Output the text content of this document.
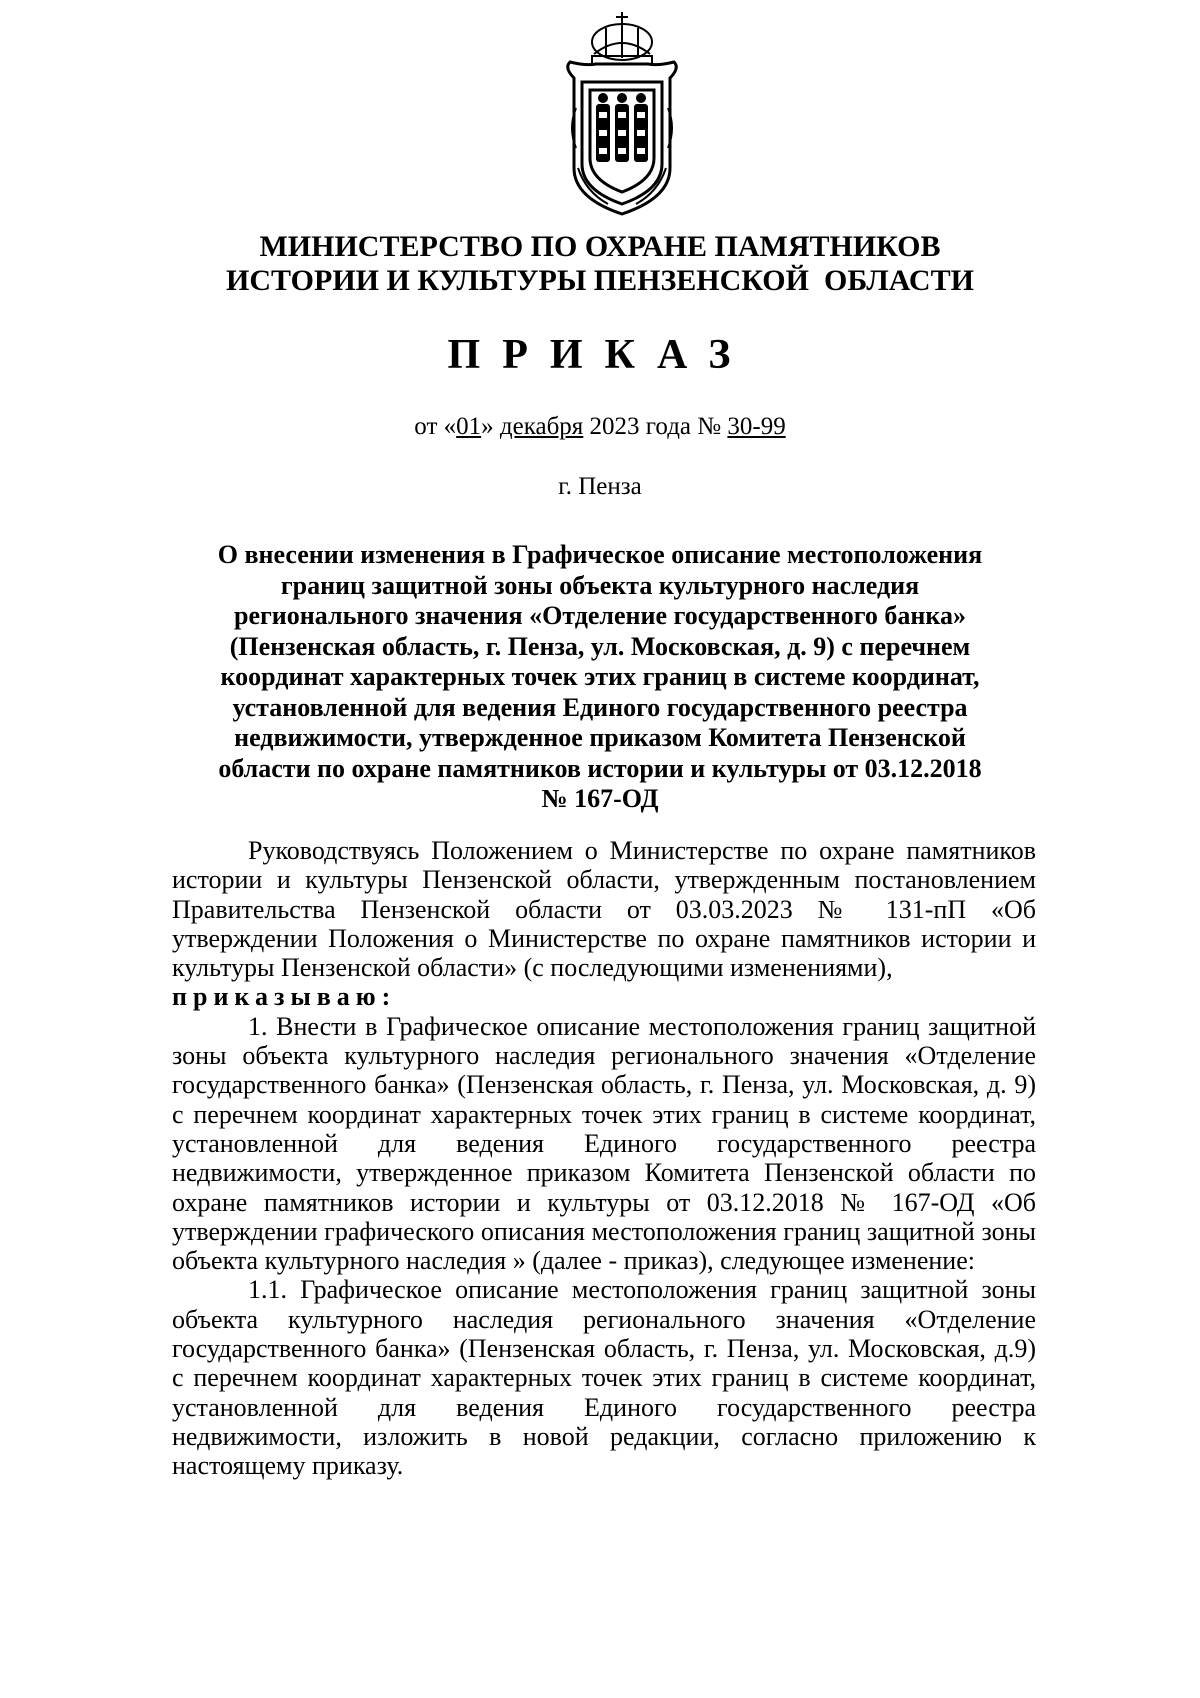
МИНИСТЕРСТВО ПО ОХРАНЕ ПАМЯТНИКОВ
ИСТОРИИ И КУЛЬТУРЫ ПЕНЗЕНСКОЙ  ОБЛАСТИ
ПРИКАЗ
от «01» декабря 2023 года № 30-99
г. Пенза
О внесении изменения в Графическое описание местоположения границ защитной зоны объекта культурного наследия регионального значения «Отделение государственного банка» (Пензенская область, г. Пенза, ул. Московская, д. 9) с перечнем координат характерных точек этих границ в системе координат, установленной для ведения Единого государственного реестра недвижимости, утвержденное приказом Комитета Пензенской области по охране памятников истории и культуры от 03.12.2018 № 167-ОД

Руководствуясь Положением о Министерстве по охране памятников истории и культуры Пензенской области, утвержденным постановлением Правительства Пензенской области от 03.03.2023 № 131-пП «Об утверждении Положения о Министерстве по охране памятников истории и культуры Пензенской области» (с последующими изменениями),

приказываю:

1. Внести в Графическое описание местоположения границ защитной зоны объекта культурного наследия регионального значения «Отделение государственного банка» (Пензенская область, г. Пенза, ул. Московская, д. 9) с перечнем координат характерных точек этих границ в системе координат, установленной для ведения Единого государственного реестра недвижимости, утвержденное приказом Комитета Пензенской области по охране памятников истории и культуры от 03.12.2018 № 167-ОД «Об утверждении графического описания местоположения границ защитной зоны объекта культурного наследия » (далее - приказ), следующее изменение:

1.1. Графическое описание местоположения границ защитной зоны объекта культурного наследия регионального значения «Отделение государственного банка» (Пензенская область, г. Пенза, ул. Московская, д.9) с перечнем координат характерных точек этих границ в системе координат, установленной для ведения Единого государственного реестра недвижимости, изложить в новой редакции, согласно приложению к настоящему приказу.
